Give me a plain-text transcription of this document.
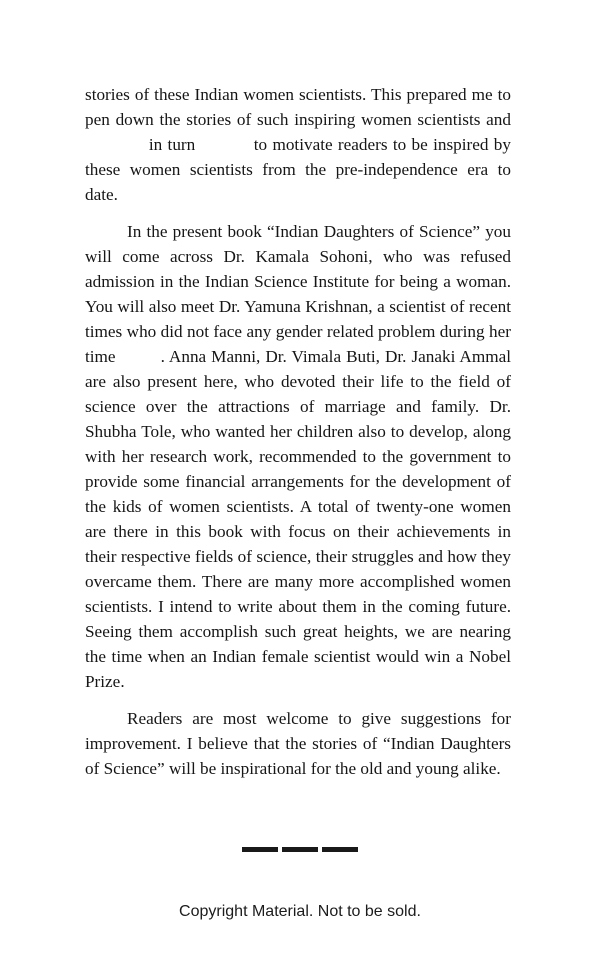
stories of these Indian women scientists. This prepared me to pen down the stories of such inspiring women scientists and             in turn           to motivate readers to be inspired by these women scientists from the pre-independence era to date.

In the present book “Indian Daughters of Science” you will come across Dr. Kamala Sohoni, who was refused admission in the Indian Science Institute for being a woman. You will also meet Dr. Yamuna Krishnan, a scientist of recent times who did not face any gender related problem during her time         . Anna Manni, Dr. Vimala Buti, Dr. Janaki Ammal are also present here, who devoted their life to the field of science over the attractions of marriage and family. Dr. Shubha Tole, who wanted her children also to develop, along with her research work, recommended to the government to provide some financial arrangements for the development of the kids of women scientists. A total of twenty-one women are there in this book with focus on their achievements in their respective fields of science, their struggles and how they overcame them. There are many more accomplished women scientists. I intend to write about them in the coming future. Seeing them accomplish such great heights, we are nearing the time when an Indian female scientist would win a Nobel Prize.

Readers are most welcome to give suggestions for improvement. I believe that the stories of “Indian Daughters of Science” will be inspirational for the old and young alike.

Copyright Material. Not to be sold.
